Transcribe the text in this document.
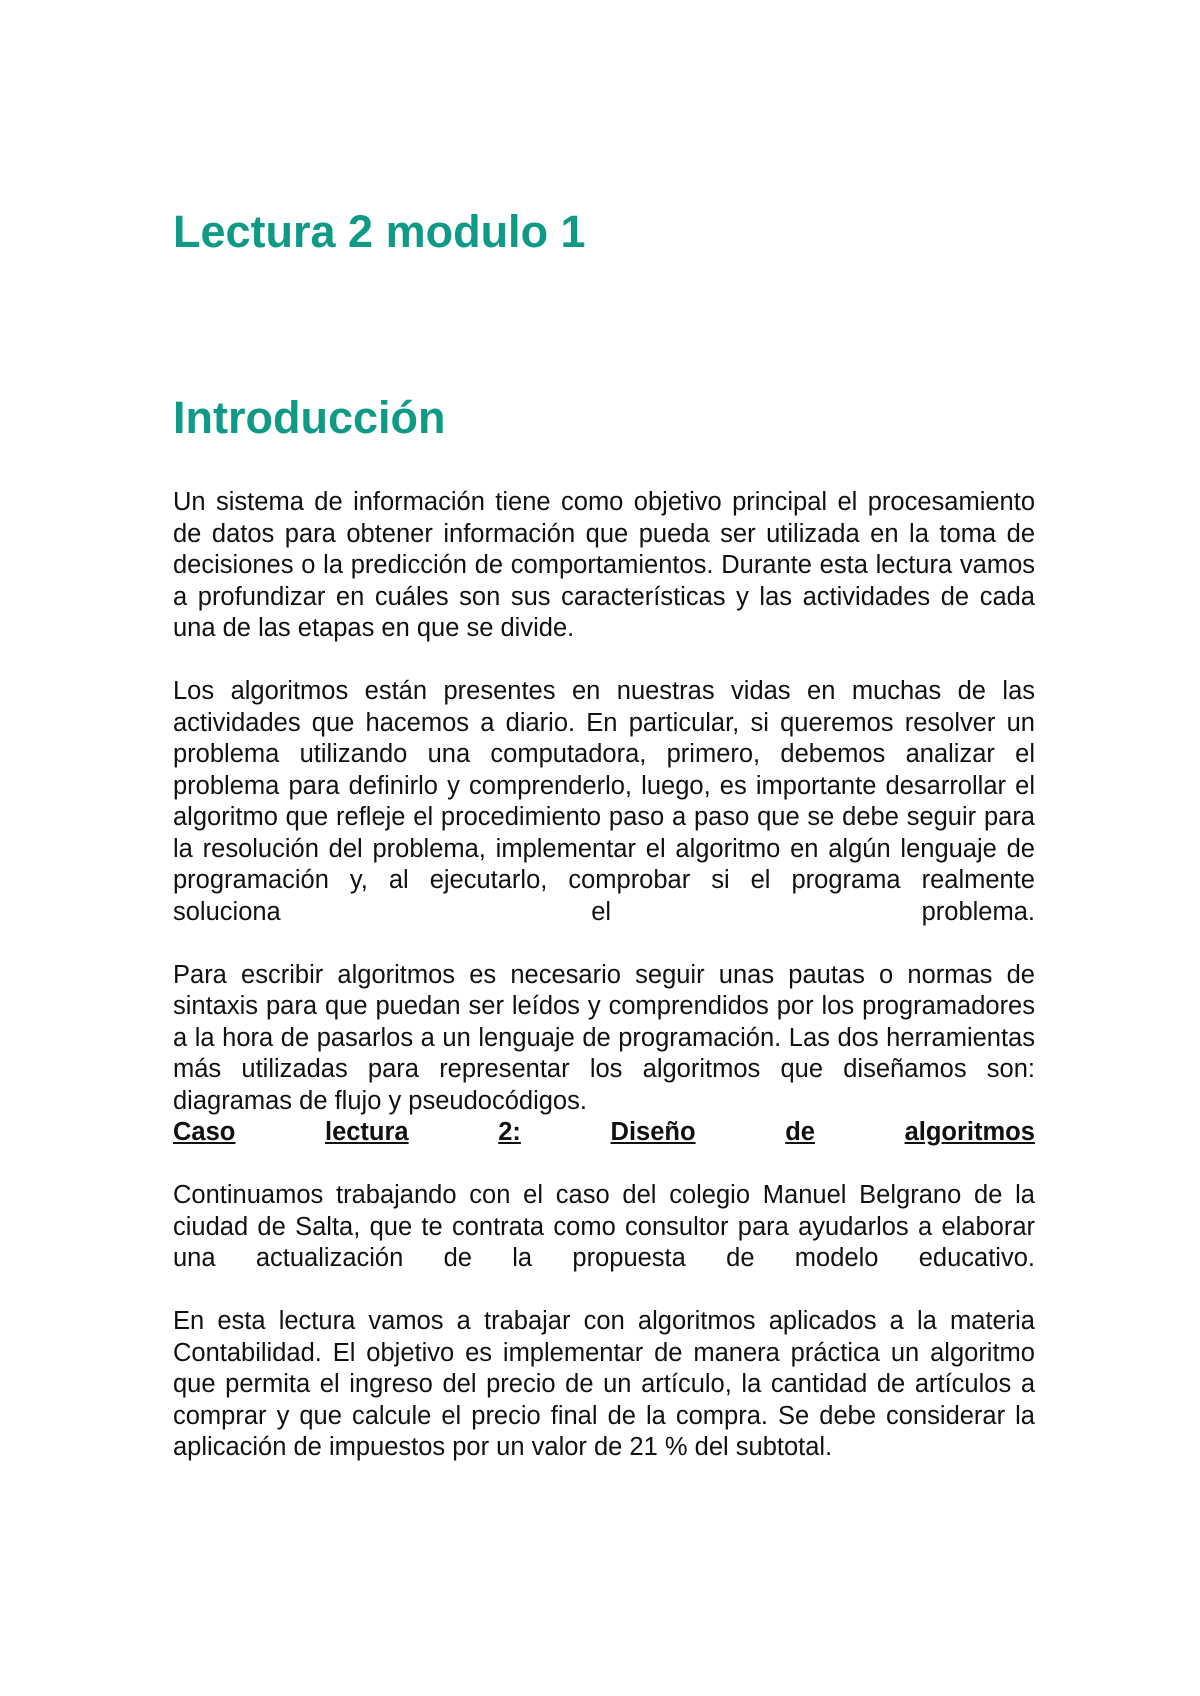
Lectura 2 modulo 1
Introducción

Un sistema de información tiene como objetivo principal el procesamiento de datos para obtener información que pueda ser utilizada en la toma de decisiones o la predicción de comportamientos. Durante esta lectura vamos a profundizar en cuáles son sus características y las actividades de cada una de las etapas en que se divide.

Los algoritmos están presentes en nuestras vidas en muchas de las actividades que hacemos a diario. En particular, si queremos resolver un problema utilizando una computadora, primero, debemos analizar el problema para definirlo y comprenderlo, luego, es importante desarrollar el algoritmo que refleje el procedimiento paso a paso que se debe seguir para la resolución del problema, implementar el algoritmo en algún lenguaje de programación y, al ejecutarlo, comprobar si el programa realmente soluciona el problema.

Para escribir algoritmos es necesario seguir unas pautas o normas de sintaxis para que puedan ser leídos y comprendidos por los programadores a la hora de pasarlos a un lenguaje de programación. Las dos herramientas más utilizadas para representar los algoritmos que diseñamos son: diagramas de flujo y pseudocódigos.

Caso	lectura	2:	Diseño	de	algoritmos

Continuamos trabajando con el caso del colegio Manuel Belgrano de la ciudad de Salta, que te contrata como consultor para ayudarlos a elaborar una actualización de la propuesta de modelo educativo.

En esta lectura vamos a trabajar con algoritmos aplicados a la materia Contabilidad. El objetivo es implementar de manera práctica un algoritmo que permita el ingreso del precio de un artículo, la cantidad de artículos a comprar y que calcule el precio final de la compra. Se debe considerar la aplicación de impuestos por un valor de 21 % del subtotal.
